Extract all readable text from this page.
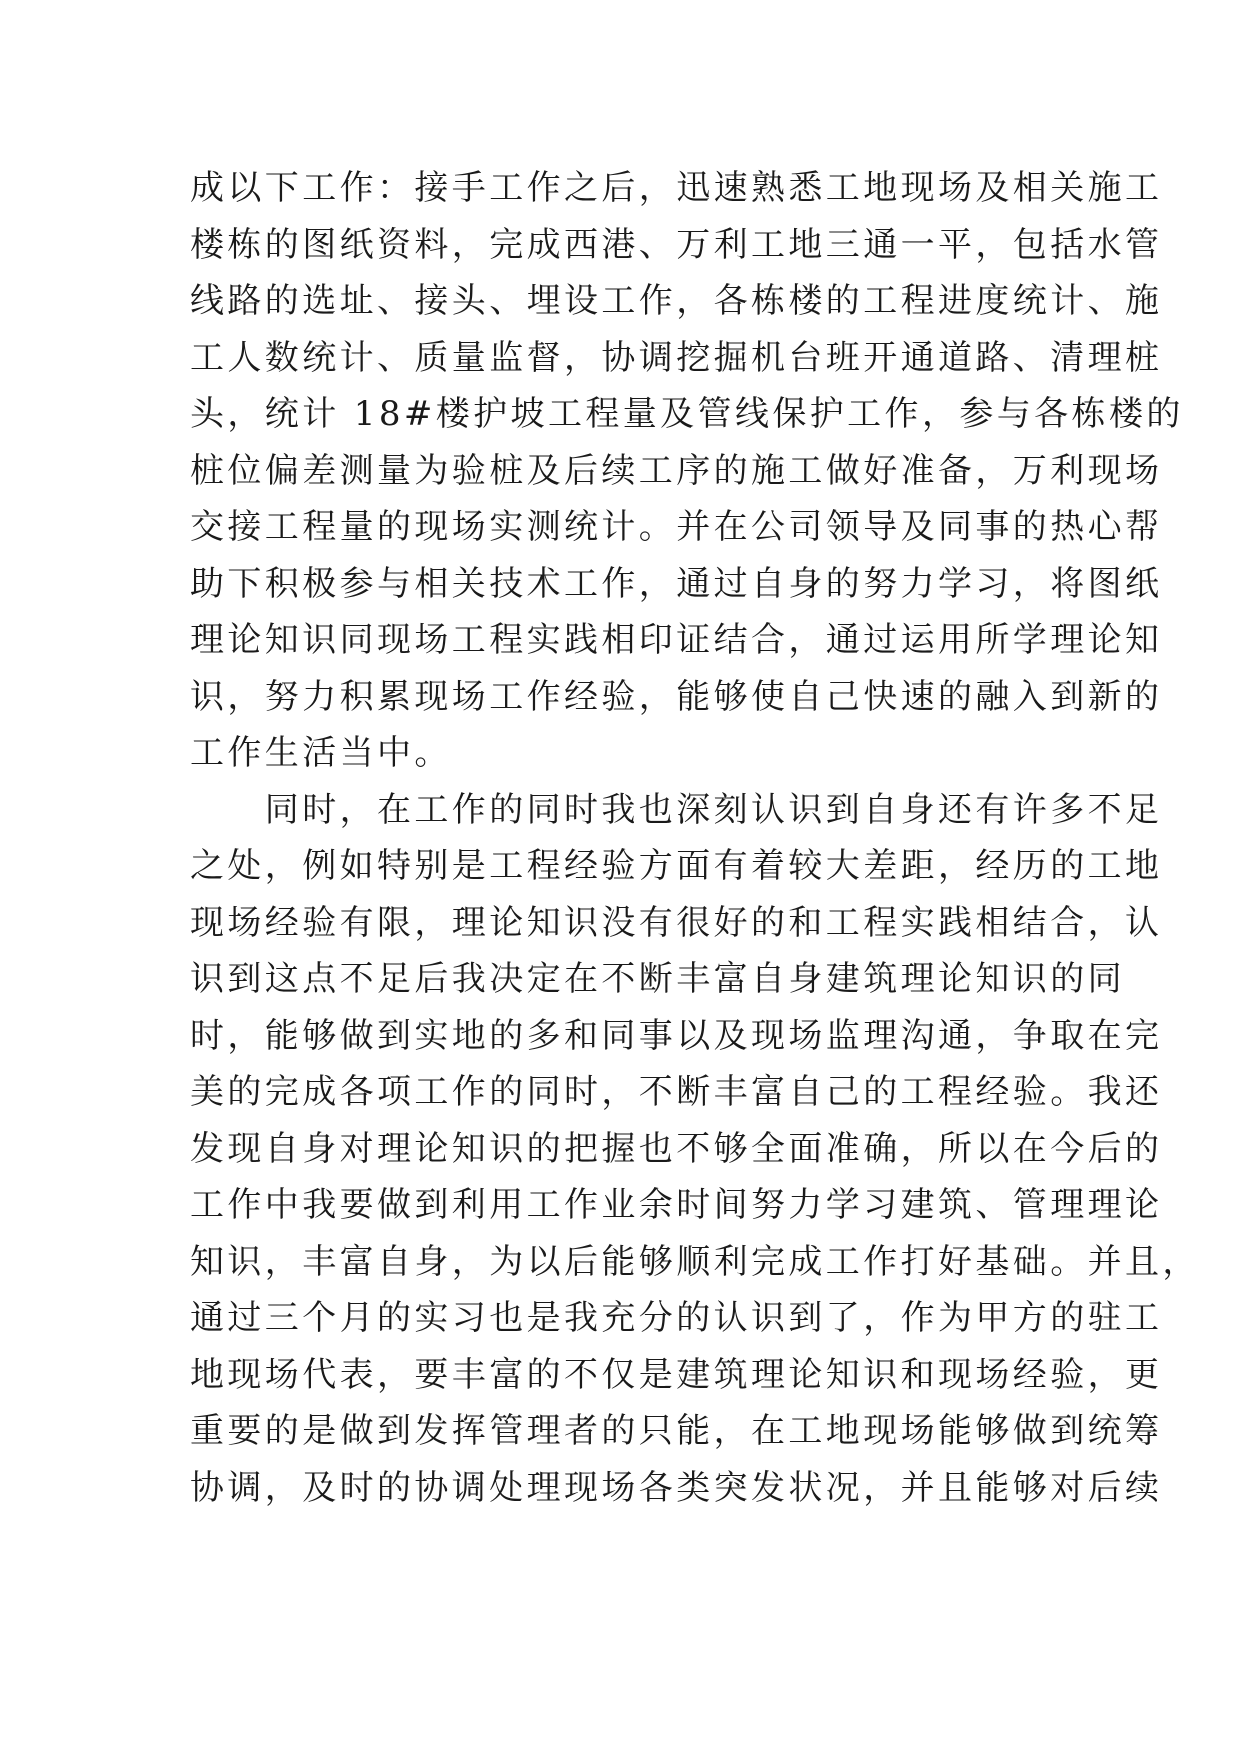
成以下工作：接手工作之后，迅速熟悉工地现场及相关施工
楼栋的图纸资料，完成西港、万利工地三通一平，包括水管
线路的选址、接头、埋设工作，各栋楼的工程进度统计、施
工人数统计、质量监督，协调挖掘机台班开通道路、清理桩
头，统计 18#楼护坡工程量及管线保护工作，参与各栋楼的
桩位偏差测量为验桩及后续工序的施工做好准备，万利现场
交接工程量的现场实测统计。并在公司领导及同事的热心帮
助下积极参与相关技术工作，通过自身的努力学习，将图纸
理论知识同现场工程实践相印证结合，通过运用所学理论知
识，努力积累现场工作经验，能够使自己快速的融入到新的
工作生活当中。
　　同时，在工作的同时我也深刻认识到自身还有许多不足
之处，例如特别是工程经验方面有着较大差距，经历的工地
现场经验有限，理论知识没有很好的和工程实践相结合，认
识到这点不足后我决定在不断丰富自身建筑理论知识的同
时，能够做到实地的多和同事以及现场监理沟通，争取在完
美的完成各项工作的同时，不断丰富自己的工程经验。我还
发现自身对理论知识的把握也不够全面准确，所以在今后的
工作中我要做到利用工作业余时间努力学习建筑、管理理论
知识，丰富自身，为以后能够顺利完成工作打好基础。并且，
通过三个月的实习也是我充分的认识到了，作为甲方的驻工
地现场代表，要丰富的不仅是建筑理论知识和现场经验，更
重要的是做到发挥管理者的只能，在工地现场能够做到统筹
协调，及时的协调处理现场各类突发状况，并且能够对后续
